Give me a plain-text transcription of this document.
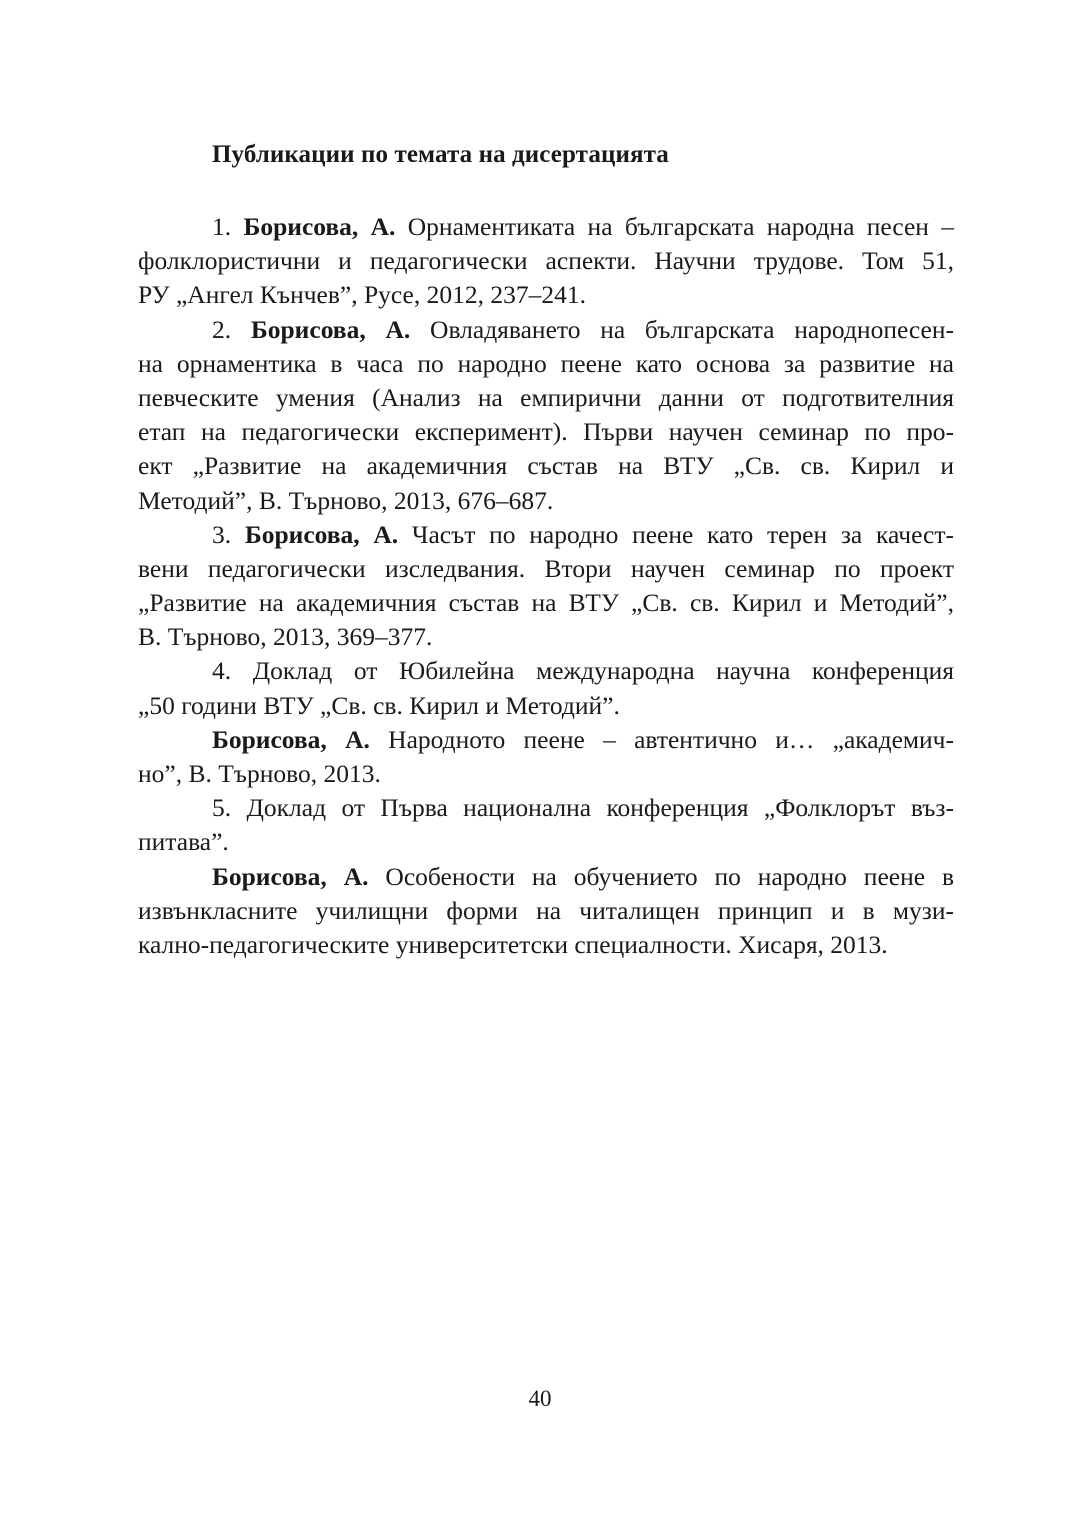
Публикации по темата на дисертацията
1. Борисова, А. Орнаментиката на българската народна песен –
фолклористични и педагогически аспекти. Научни трудове. Том 51,
РУ „Ангел Кънчев”, Русе, 2012, 237–241.
2. Борисова, А. Овладяването на българската народнопесен-
на орнаментика в часа по народно пеене като основа за развитие на
певческите умения (Анализ на емпирични данни от подготвителния
етап на педагогически експеримент). Първи научен семинар по про-
ект „Развитие на академичния състав на ВТУ „Св. св. Кирил и
Методий”, В. Търново, 2013, 676–687.
3. Борисова, А. Часът по народно пеене като терен за качест-
вени педагогически изследвания. Втори научен семинар по проект
„Развитие на академичния състав на ВТУ „Св. св. Кирил и Методий”,
В. Търново, 2013, 369–377.
4. Доклад от Юбилейна международна научна конференция
„50 години ВТУ „Св. св. Кирил и Методий”.
Борисова, А. Народното пеене – автентично и… „академич-
но”, В. Търново, 2013.
5. Доклад от Първа национална конференция „Фолклорът въз-
питава”.
Борисова, А. Особености на обучението по народно пеене в
извънкласните училищни форми на читалищен принцип и в музи-
кално-педагогическите университетски специалности. Хисаря, 2013.
40
